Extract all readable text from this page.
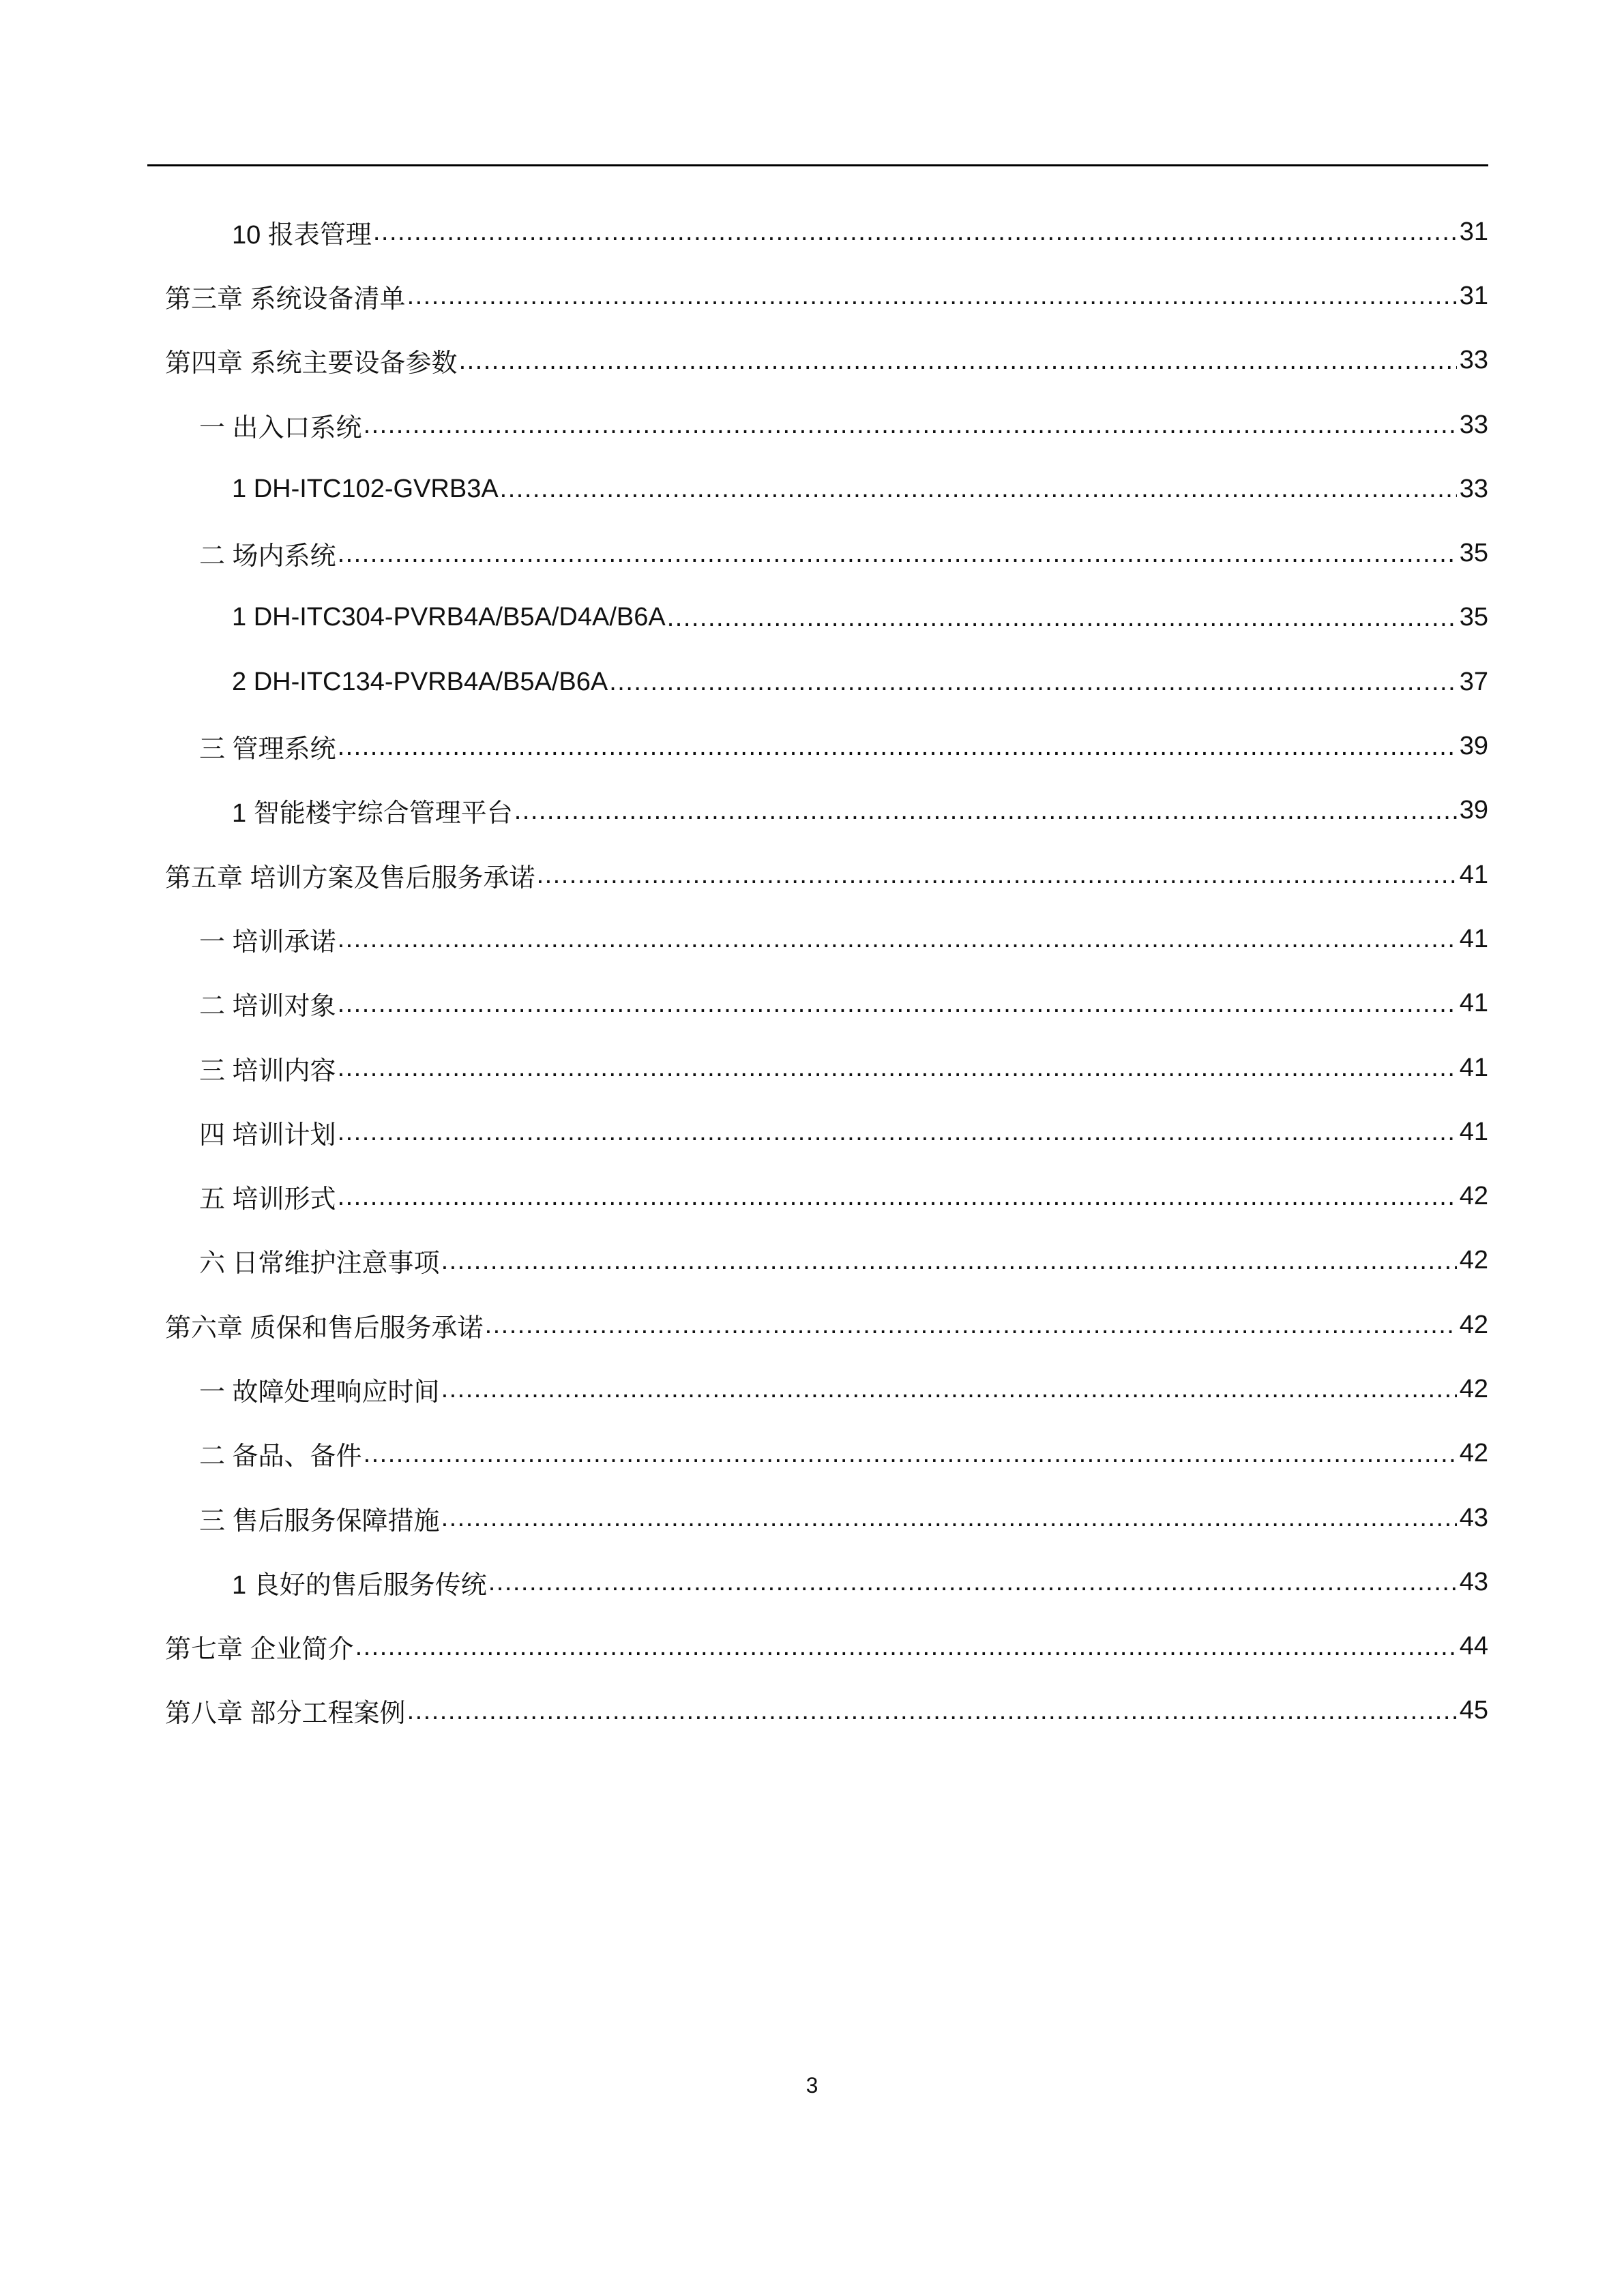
10 报表管理 .....	31
第三章 系统设备清单 .....	31
第四章 系统主要设备参数 .....	33
一 出入口系统 .....	33
1 DH-ITC102-GVRB3A .....	33
二 场内系统 .....	35
1 DH-ITC304-PVRB4A/B5A/D4A/B6A .....	35
2 DH-ITC134-PVRB4A/B5A/B6A .....	37
三 管理系统 .....	39
1 智能楼宇综合管理平台 .....	39
第五章 培训方案及售后服务承诺 .....	41
一 培训承诺 .....	41
二 培训对象 .....	41
三 培训内容 .....	41
四 培训计划 .....	41
五 培训形式 .....	42
六 日常维护注意事项 .....	42
第六章 质保和售后服务承诺 .....	42
一 故障处理响应时间 .....	42
二 备品、备件 .....	42
三 售后服务保障措施 .....	43
1 良好的售后服务传统 .....	43
第七章 企业简介 .....	44
第八章 部分工程案例 .....	45
3
